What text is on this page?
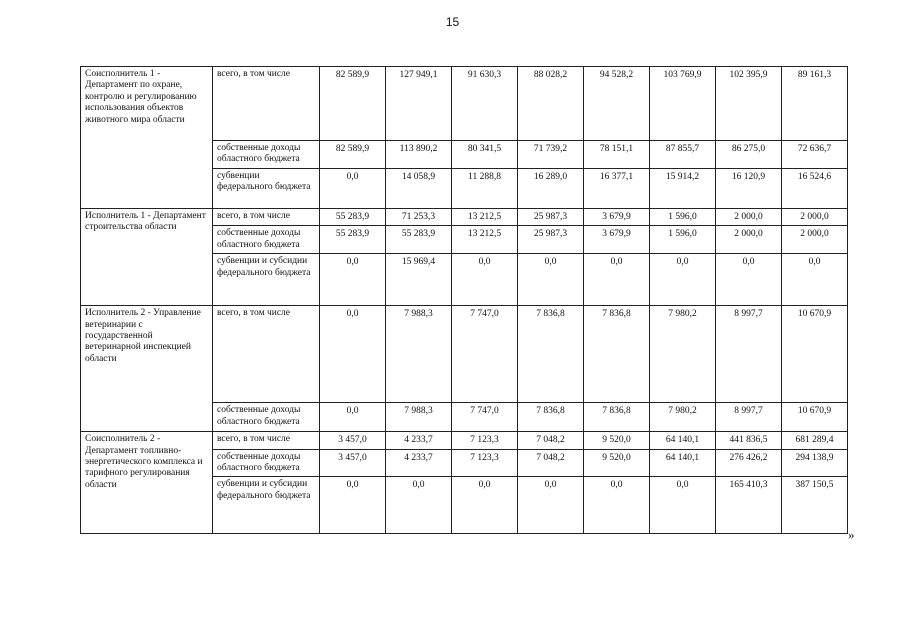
15
Соисполнитель 1 - Департамент по охране, контролю и регулированию использования объектов животного мира области	всего, в том числе	82 589,9	127 949,1	91 630,3	88 028,2	94 528,2	103 769,9	102 395,9	89 161,3
	собственные доходы областного бюджета	82 589,9	113 890,2	80 341,5	71 739,2	78 151,1	87 855,7	86 275,0	72 636,7
	субвенции федерального бюджета	0,0	14 058,9	11 288,8	16 289,0	16 377,1	15 914,2	16 120,9	16 524,6
Исполнитель 1 - Департамент строительства области	всего, в том числе	55 283,9	71 253,3	13 212,5	25 987,3	3 679,9	1 596,0	2 000,0	2 000,0
	собственные доходы областного бюджета	55 283,9	55 283,9	13 212,5	25 987,3	3 679,9	1 596,0	2 000,0	2 000,0
	субвенции и субсидии федерального бюджета	0,0	15 969,4	0,0	0,0	0,0	0,0	0,0	0,0
Исполнитель 2 - Управление ветеринарии с государственной ветеринарной инспекцией области	всего, в том числе	0,0	7 988,3	7 747,0	7 836,8	7 836,8	7 980,2	8 997,7	10 670,9
	собственные доходы областного бюджета	0,0	7 988,3	7 747,0	7 836,8	7 836,8	7 980,2	8 997,7	10 670,9
Соисполнитель 2 - Департамент топливно-энергетического комплекса и тарифного регулирования области	всего, в том числе	3 457,0	4 233,7	7 123,3	7 048,2	9 520,0	64 140,1	441 836,5	681 289,4
	собственные доходы областного бюджета	3 457,0	4 233,7	7 123,3	7 048,2	9 520,0	64 140,1	276 426,2	294 138,9
	субвенции и субсидии федерального бюджета	0,0	0,0	0,0	0,0	0,0	0,0	165 410,3	387 150,5
»
